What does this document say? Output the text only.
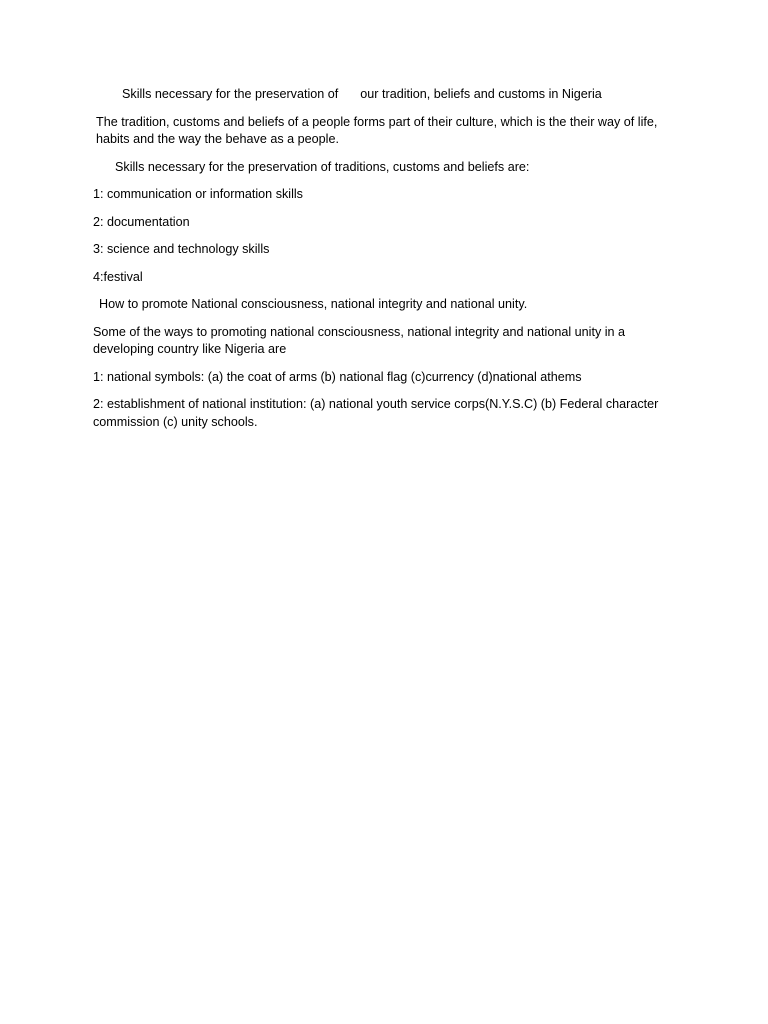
Skills necessary for the preservation of our tradition, beliefs and customs in Nigeria

The tradition, customs and beliefs of a people forms part of their culture, which is the their way of life, habits and the way the behave as a people.

Skills necessary for the preservation of traditions, customs and beliefs are:

1: communication or information skills

2: documentation

3: science and technology skills

4:festival

How to promote National consciousness, national integrity and national unity.

Some of the ways to promoting national consciousness, national integrity and national unity in a developing country like Nigeria are

1: national symbols: (a) the coat of arms (b) national flag (c)currency (d)national athems

2: establishment of national institution: (a) national youth service corps(N.Y.S.C) (b) Federal character commission (c) unity schools.
